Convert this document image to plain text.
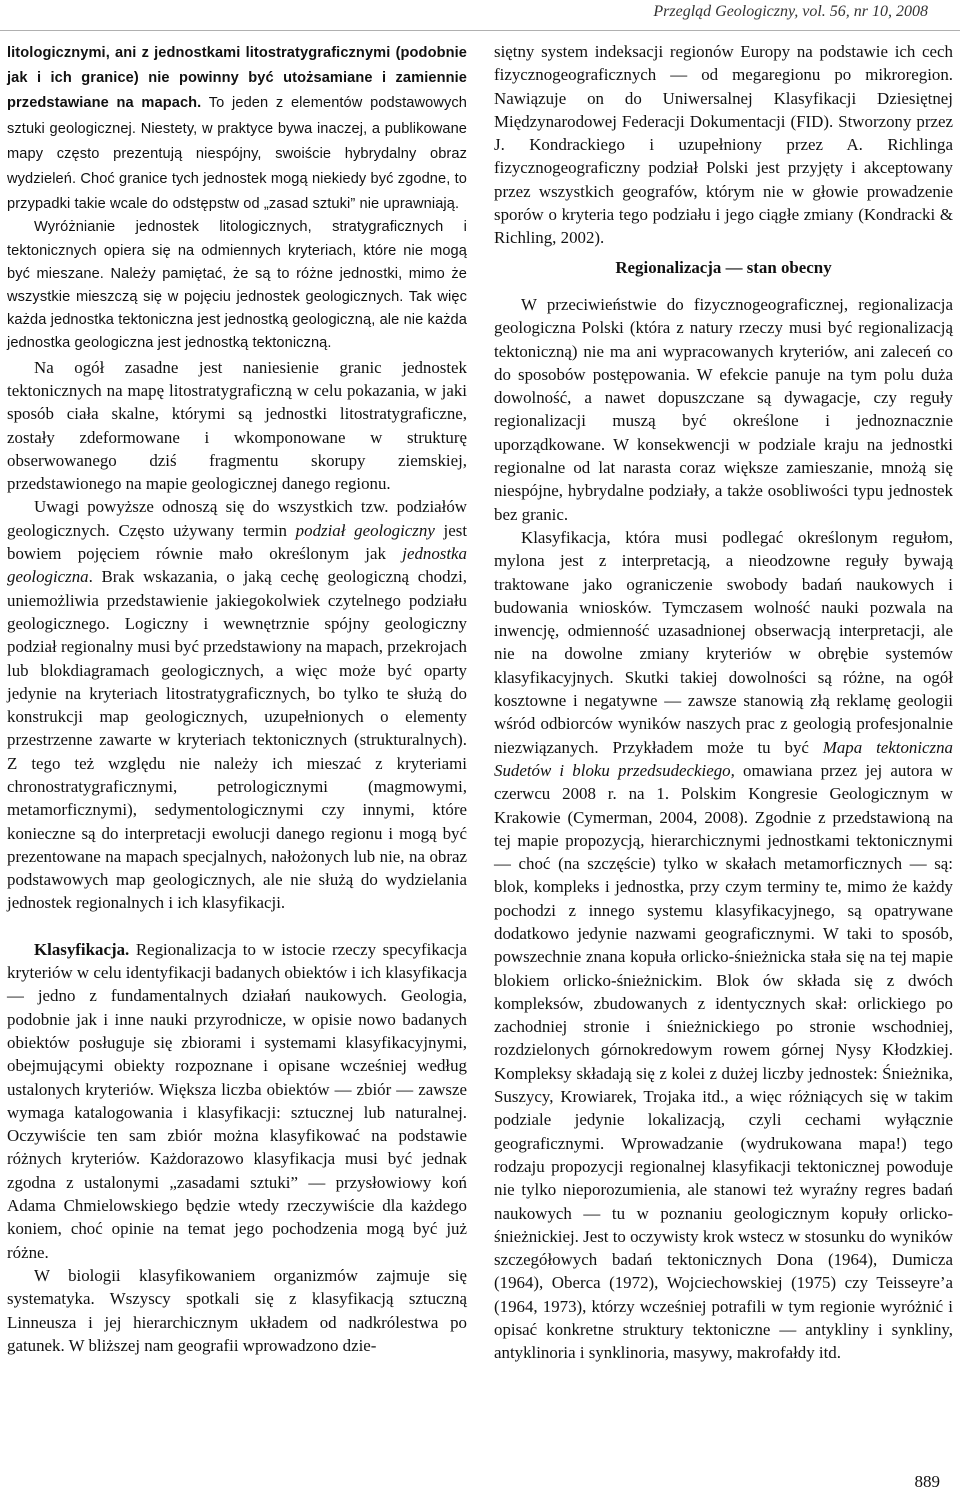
Przegląd Geologiczny, vol. 56, nr 10, 2008

litologicznymi, ani z jednostkami litostratygraficznymi (podobnie jak i ich granice) nie powinny być utożsamiane i zamiennie przedstawiane na mapach. To jeden z elementów podstawowych sztuki geologicznej. Niestety, w praktyce bywa inaczej, a publikowane mapy często prezentują niespójny, swoiście hybrydalny obraz wydzieleń. Choć granice tych jednostek mogą niekiedy być zgodne, to przypadki takie wcale do odstępstw od „zasad sztuki” nie uprawniają.

Wyróżnianie jednostek litologicznych, stratygraficznych i tektonicznych opiera się na odmiennych kryteriach, które nie mogą być mieszane. Należy pamiętać, że są to różne jednostki, mimo że wszystkie mieszczą się w pojęciu jednostek geologicznych. Tak więc każda jednostka tektoniczna jest jednostką geologiczną, ale nie każda jednostka geologiczna jest jednostką tektoniczną.

Na ogół zasadne jest naniesienie granic jednostek tektonicznych na mapę litostratygraficzną w celu pokazania, w jaki sposób ciała skalne, którymi są jednostki litostratygraficzne, zostały zdeformowane i wkomponowane w strukturę obserwowanego dziś fragmentu skorupy ziemskiej, przedstawionego na mapie geologicznej danego regionu.

Uwagi powyższe odnoszą się do wszystkich tzw. podziałów geologicznych. Często używany termin podział geologiczny jest bowiem pojęciem równie mało określonym jak jednostka geologiczna. Brak wskazania, o jaką cechę geologiczną chodzi, uniemożliwia przedstawienie jakiegokolwiek czytelnego podziału geologicznego. Logiczny i wewnętrznie spójny geologiczny podział regionalny musi być przedstawiony na mapach, przekrojach lub blokdiagramach geologicznych, a więc może być oparty jedynie na kryteriach litostratygraficznych, bo tylko te służą do konstrukcji map geologicznych, uzupełnionych o elementy przestrzenne zawarte w kryteriach tektonicznych (strukturalnych). Z tego też względu nie należy ich mieszać z kryteriami chronostratygraficznymi, petrologicznymi (magmowymi, metamorficznymi), sedymentologicznymi czy innymi, które konieczne są do interpretacji ewolucji danego regionu i mogą być prezentowane na mapach specjalnych, nałożonych lub nie, na obraz podstawowych map geologicznych, ale nie służą do wydzielania jednostek regionalnych i ich klasyfikacji.

Klasyfikacja. Regionalizacja to w istocie rzeczy specyfikacja kryteriów w celu identyfikacji badanych obiektów i ich klasyfikacja — jedno z fundamentalnych działań naukowych. Geologia, podobnie jak i inne nauki przyrodnicze, w opisie nowo badanych obiektów posługuje się zbiorami i systemami klasyfikacyjnymi, obejmującymi obiekty rozpoznane i opisane wcześniej według ustalonych kryteriów. Większa liczba obiektów — zbiór — zawsze wymaga katalogowania i klasyfikacji: sztucznej lub naturalnej. Oczywiście ten sam zbiór można klasyfikować na podstawie różnych kryteriów. Każdorazowo klasyfikacja musi być jednak zgodna z ustalonymi „zasadami sztuki” — przysłowiowy koń Adama Chmielowskiego będzie wtedy rzeczywiście dla każdego koniem, choć opinie na temat jego pochodzenia mogą być już różne.

W biologii klasyfikowaniem organizmów zajmuje się systematyka. Wszyscy spotkali się z klasyfikacją sztuczną Linneusza i jej hierarchicznym układem od nadkrólestwa po gatunek. W bliższej nam geografii wprowadzono dzie-

siętny system indeksacji regionów Europy na podstawie ich cech fizycznogeograficznych — od megaregionu po mikroregion. Nawiązuje on do Uniwersalnej Klasyfikacji Dziesiętnej Międzynarodowej Federacji Dokumentacji (FID). Stworzony przez J. Kondrackiego i uzupełniony przez A. Richlinga fizycznogeograficzny podział Polski jest przyjęty i akceptowany przez wszystkich geografów, którym nie w głowie prowadzenie sporów o kryteria tego podziału i jego ciągłe zmiany (Kondracki & Richling, 2002).

Regionalizacja — stan obecny

W przeciwieństwie do fizycznogeograficznej, regionalizacja geologiczna Polski (która z natury rzeczy musi być regionalizacją tektoniczną) nie ma ani wypracowanych kryteriów, ani zaleceń co do sposobów postępowania. W efekcie panuje na tym polu duża dowolność, a nawet dopuszczane są dywagacje, czy reguły regionalizacji muszą być określone i jednoznacznie uporządkowane. W konsekwencji w podziale kraju na jednostki regionalne od lat narasta coraz większe zamieszanie, mnożą się niespójne, hybrydalne podziały, a także osobliwości typu jednostek bez granic.

Klasyfikacja, która musi podlegać określonym regułom, mylona jest z interpretacją, a nieodzowne reguły bywają traktowane jako ograniczenie swobody badań naukowych i budowania wniosków. Tymczasem wolność nauki pozwala na inwencję, odmienność uzasadnionej obserwacją interpretacji, ale nie na dowolne zmiany kryteriów w obrębie systemów klasyfikacyjnych. Skutki takiej dowolności są różne, na ogół kosztowne i negatywne — zawsze stanowią złą reklamę geologii wśród odbiorców wyników naszych prac z geologią profesjonalnie niezwiązanych. Przykładem może tu być Mapa tektoniczna Sudetów i bloku przedsudeckiego, omawiana przez jej autora w czerwcu 2008 r. na 1. Polskim Kongresie Geologicznym w Krakowie (Cymerman, 2004, 2008). Zgodnie z przedstawioną na tej mapie propozycją, hierarchicznymi jednostkami tektonicznymi — choć (na szczęście) tylko w skałach metamorficznych — są: blok, kompleks i jednostka, przy czym terminy te, mimo że każdy pochodzi z innego systemu klasyfikacyjnego, są opatrywane dodatkowo jedynie nazwami geograficznymi. W taki to sposób, powszechnie znana kopuła orlicko-śnieżnicka stała się na tej mapie blokiem orlicko-śnieżnickim. Blok ów składa się z dwóch kompleksów, zbudowanych z identycznych skał: orlickiego po zachodniej stronie i śnieżnickiego po stronie wschodniej, rozdzielonych górnokredowym rowem górnej Nysy Kłodzkiej. Kompleksy składają się z kolei z dużej liczby jednostek: Śnieżnika, Suszycy, Krowiarek, Trojaka itd., a więc różniących się w takim podziale jedynie lokalizacją, czyli cechami wyłącznie geograficznymi. Wprowadzanie (wydrukowana mapa!) tego rodzaju propozycji regionalnej klasyfikacji tektonicznej powoduje nie tylko nieporozumienia, ale stanowi też wyraźny regres badań naukowych — tu w poznaniu geologicznym kopuły orlicko-śnieżnickiej. Jest to oczywisty krok wstecz w stosunku do wyników szczegółowych badań tektonicznych Dona (1964), Dumicza (1964), Oberca (1972), Wojciechowskiej (1975) czy Teisseyre’a (1964, 1973), którzy wcześniej potrafili w tym regionie wyróżnić i opisać konkretne struktury tektoniczne — antykliny i synkliny, antyklinoria i synklinoria, masywy, makrofałdy itd.

889
